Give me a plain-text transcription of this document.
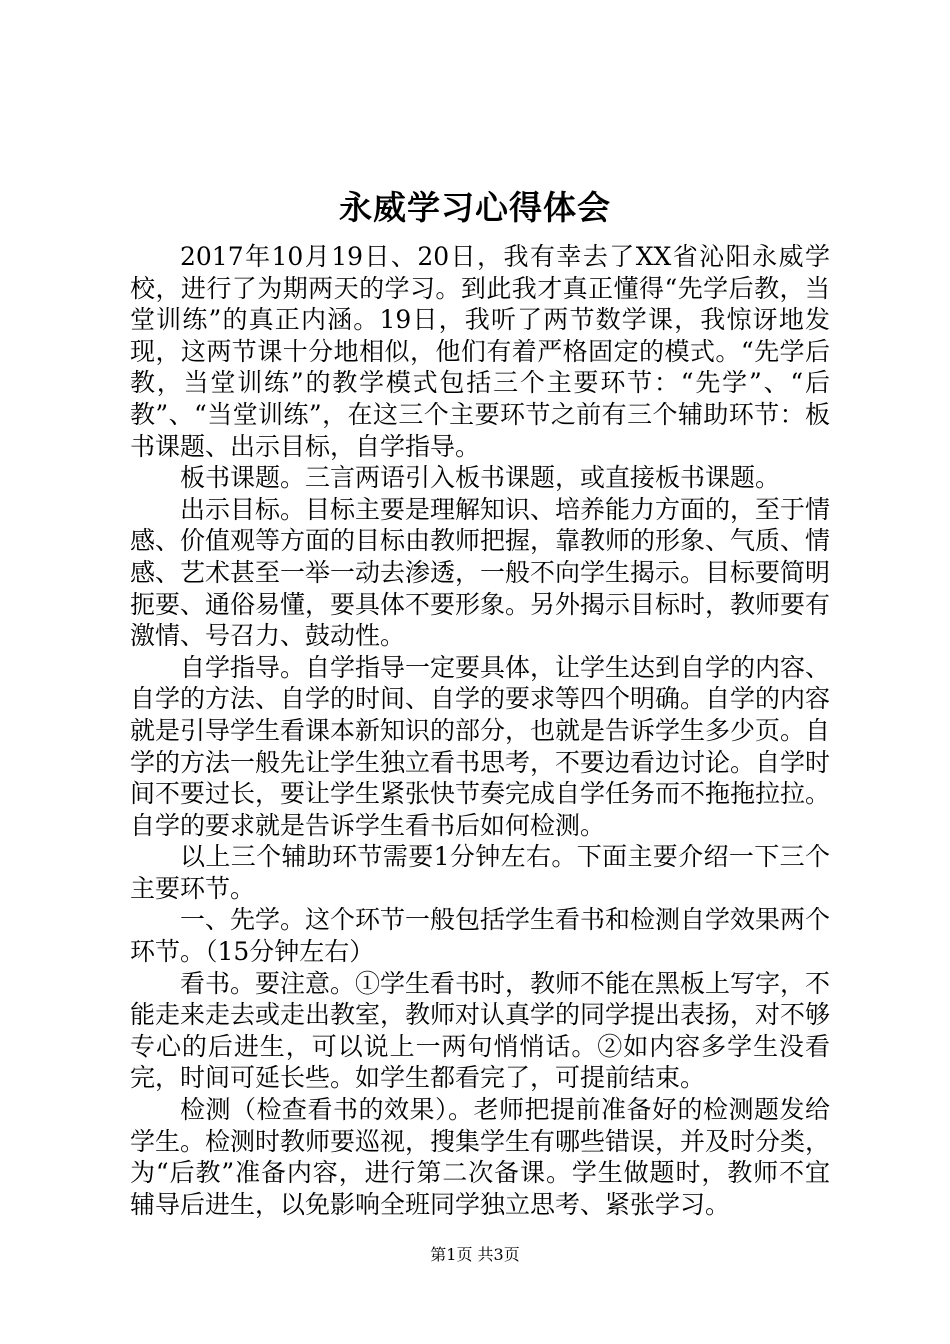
永威学习心得体会

2017年10月19日、20日，我有幸去了XX省沁阳永威学校，进行了为期两天的学习。到此我才真正懂得“先学后教，当堂训练”的真正内涵。19日，我听了两节数学课，我惊讶地发现，这两节课十分地相似，他们有着严格固定的模式。“先学后教，当堂训练”的教学模式包括三个主要环节：“先学”、“后教”、“当堂训练”，在这三个主要环节之前有三个辅助环节：板书课题、出示目标，自学指导。

板书课题。三言两语引入板书课题，或直接板书课题。

出示目标。目标主要是理解知识、培养能力方面的，至于情感、价值观等方面的目标由教师把握，靠教师的形象、气质、情感、艺术甚至一举一动去渗透，一般不向学生揭示。目标要简明扼要、通俗易懂，要具体不要形象。另外揭示目标时，教师要有激情、号召力、鼓动性。

自学指导。自学指导一定要具体，让学生达到自学的内容、自学的方法、自学的时间、自学的要求等四个明确。自学的内容就是引导学生看课本新知识的部分，也就是告诉学生多少页。自学的方法一般先让学生独立看书思考，不要边看边讨论。自学时间不要过长，要让学生紧张快节奏完成自学任务而不拖拖拉拉。自学的要求就是告诉学生看书后如何检测。

以上三个辅助环节需要1分钟左右。下面主要介绍一下三个主要环节。

一、先学。这个环节一般包括学生看书和检测自学效果两个环节。（15分钟左右）

看书。要注意。①学生看书时，教师不能在黑板上写字，不能走来走去或走出教室，教师对认真学的同学提出表扬，对不够专心的后进生，可以说上一两句悄悄话。②如内容多学生没看完，时间可延长些。如学生都看完了，可提前结束。

检测（检查看书的效果）。老师把提前准备好的检测题发给学生。检测时教师要巡视，搜集学生有哪些错误，并及时分类，为“后教”准备内容，进行第二次备课。学生做题时，教师不宜辅导后进生，以免影响全班同学独立思考、紧张学习。

第1页 共3页
